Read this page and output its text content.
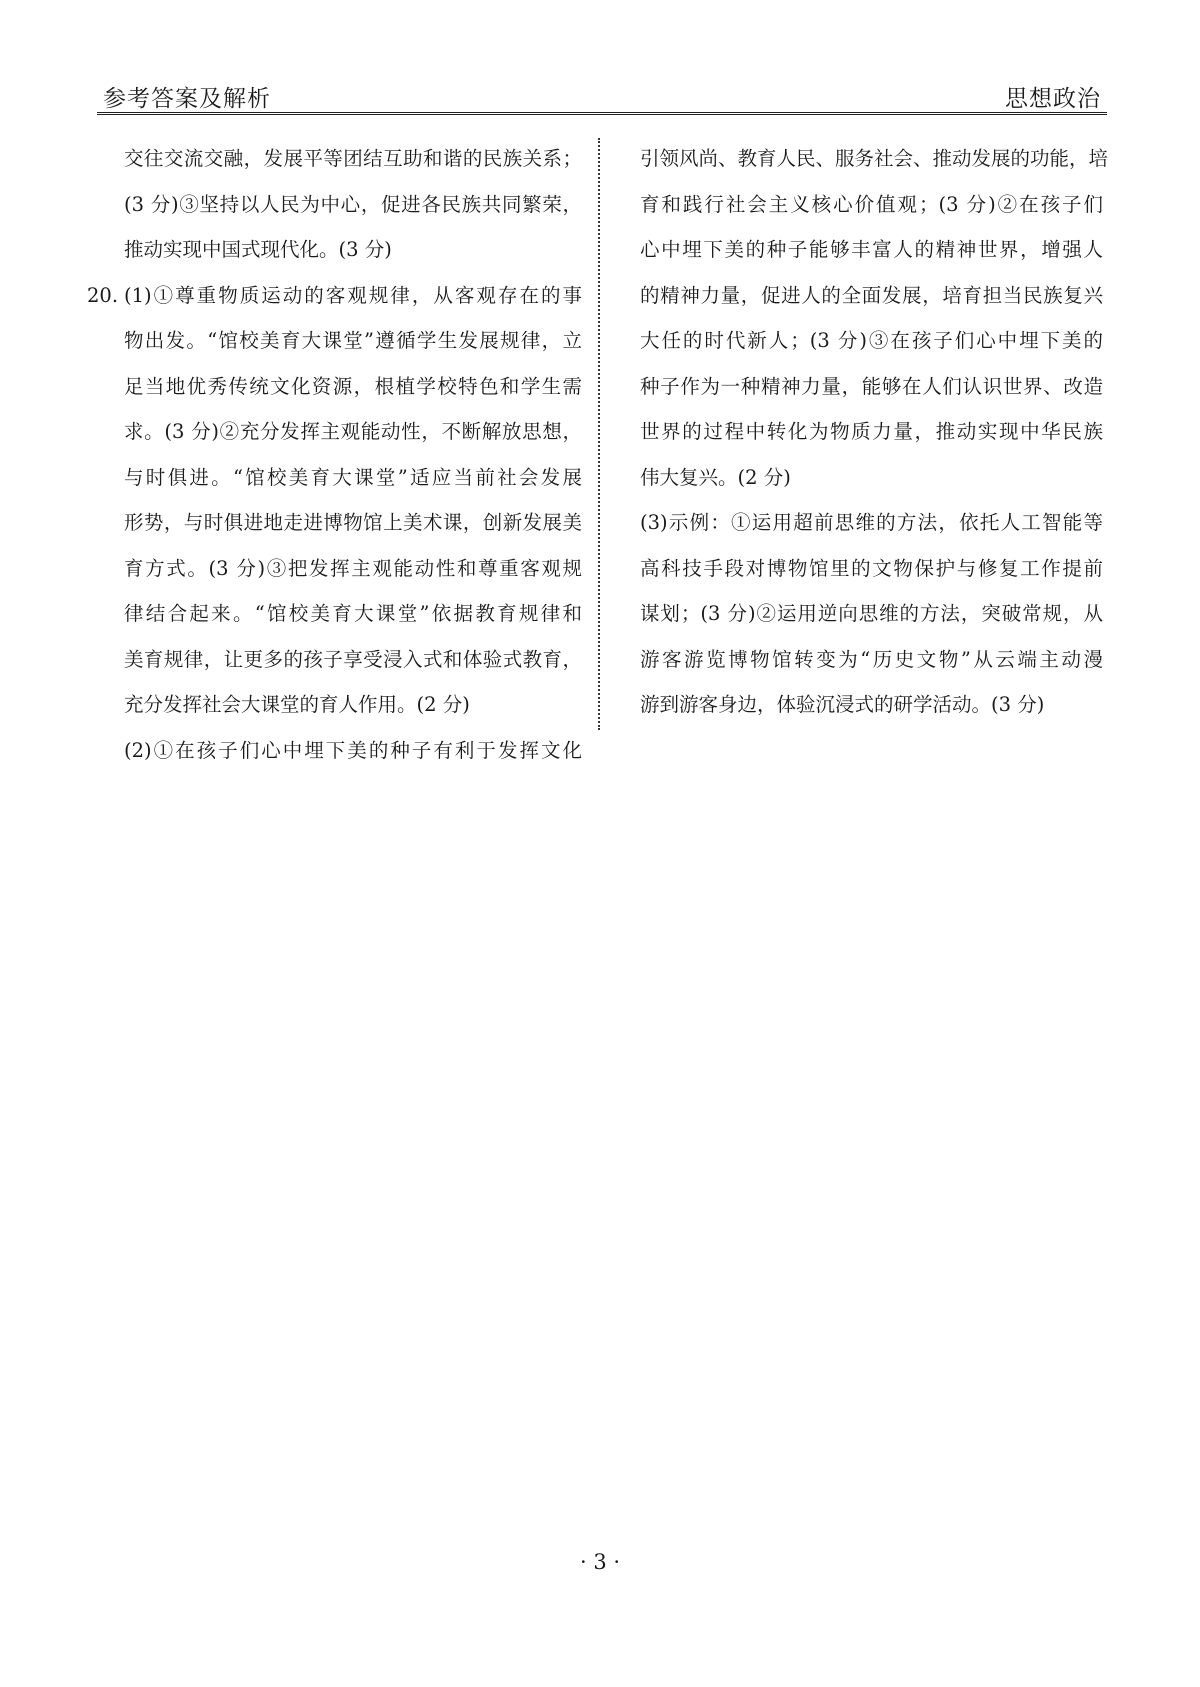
参考答案及解析	思想政治
交往交流交融，发展平等团结互助和谐的民族关系；
(3 分)③坚持以人民为中心，促进各民族共同繁荣，
推动实现中国式现代化。(3 分)
20. (1)①尊重物质运动的客观规律，从客观存在的事
物出发。“馆校美育大课堂”遵循学生发展规律，立
足当地优秀传统文化资源，根植学校特色和学生需
求。(3 分)②充分发挥主观能动性，不断解放思想，
与时俱进。“馆校美育大课堂”适应当前社会发展
形势，与时俱进地走进博物馆上美术课，创新发展美
育方式。(3 分)③把发挥主观能动性和尊重客观规
律结合起来。“馆校美育大课堂”依据教育规律和
美育规律，让更多的孩子享受浸入式和体验式教育，
充分发挥社会大课堂的育人作用。(2 分)
(2)①在孩子们心中埋下美的种子有利于发挥文化
引领风尚、教育人民、服务社会、推动发展的功能，培
育和践行社会主义核心价值观；(3 分)②在孩子们
心中埋下美的种子能够丰富人的精神世界，增强人
的精神力量，促进人的全面发展，培育担当民族复兴
大任的时代新人；(3 分)③在孩子们心中埋下美的
种子作为一种精神力量，能够在人们认识世界、改造
世界的过程中转化为物质力量，推动实现中华民族
伟大复兴。(2 分)
(3)示例：①运用超前思维的方法，依托人工智能等
高科技手段对博物馆里的文物保护与修复工作提前
谋划；(3 分)②运用逆向思维的方法，突破常规，从
游客游览博物馆转变为“历史文物”从云端主动漫
游到游客身边，体验沉浸式的研学活动。(3 分)
· 3 ·
